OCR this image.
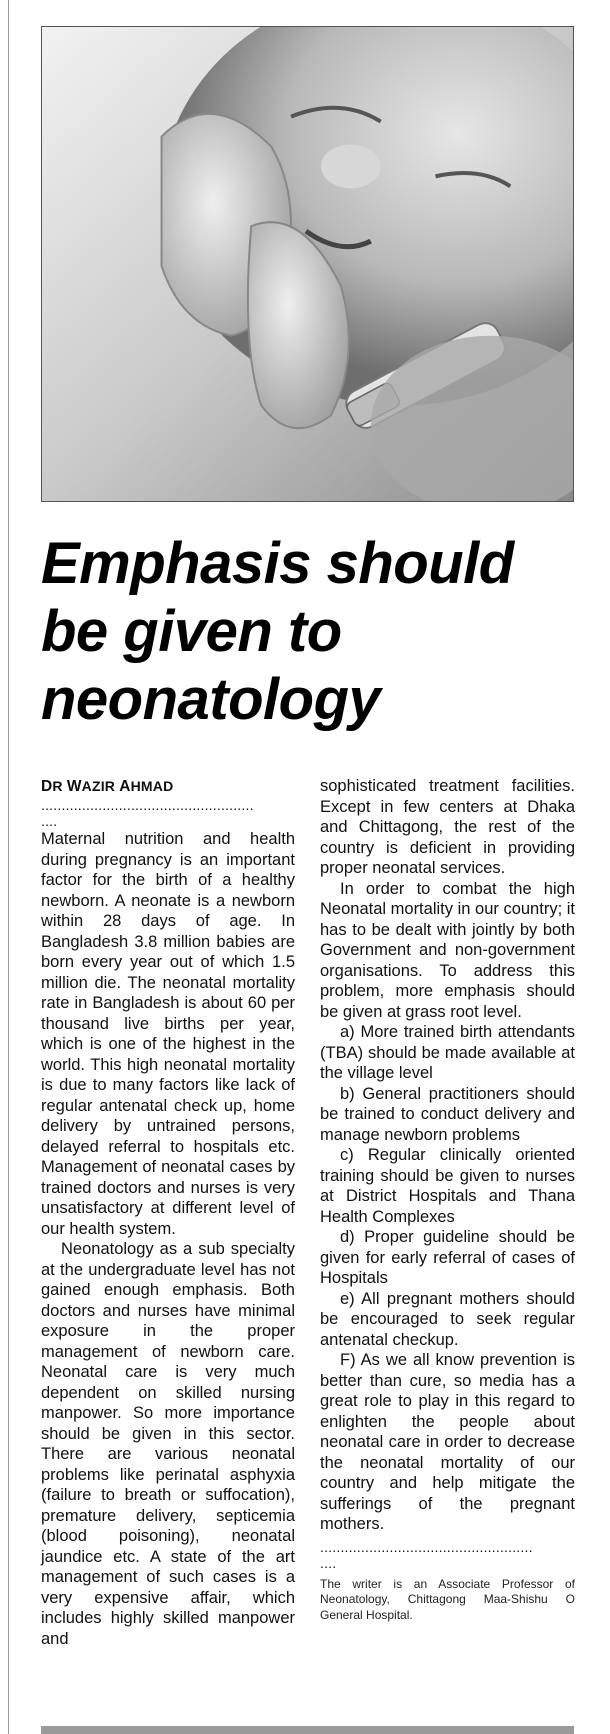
Emphasis should
be given to
neonatology

DR WAZIR AHMAD

....................................................

....

Maternal nutrition and health during pregnancy is an important factor for the birth of a healthy newborn. A neonate is a newborn within 28 days of age. In Bangladesh 3.8 million babies are born every year out of which 1.5 million die. The neonatal mortality rate in Bangladesh is about 60 per thousand live births per year, which is one of the highest in the world. This high neonatal mortality is due to many factors like lack of regular antenatal check up, home delivery by untrained persons, delayed referral to hospitals etc. Management of neonatal cases by trained doctors and nurses is very unsatisfactory at different level of our health system.

Neonatology as a sub specialty at the undergraduate level has not gained enough emphasis. Both doctors and nurses have minimal exposure in the proper management of newborn care. Neonatal care is very much dependent on skilled nursing manpower. So more importance should be given in this sector. There are various neonatal problems like perinatal asphyxia (failure to breath or suffocation), premature delivery, septicemia (blood poisoning), neonatal jaundice etc. A state of the art management of such cases is a very expensive affair, which includes highly skilled manpower and

sophisticated treatment facilities. Except in few centers at Dhaka and Chittagong, the rest of the country is deficient in providing proper neonatal services.

In order to combat the high Neonatal mortality in our country; it has to be dealt with jointly by both Government and non-government organisations. To address this problem, more emphasis should be given at grass root level.

a) More trained birth attendants (TBA) should be made available at the village level

b) General practitioners should be trained to conduct delivery and manage newborn problems

c) Regular clinically oriented training should be given to nurses at District Hospitals and Thana Health Complexes

d) Proper guideline should be given for early referral of cases of Hospitals

e) All pregnant mothers should be encouraged to seek regular antenatal checkup.

F) As we all know prevention is better than cure, so media has a great role to play in this regard to enlighten the people about neonatal care in order to decrease the neonatal mortality of our country and help mitigate the sufferings of the pregnant mothers.

....................................................

....

The writer is an Associate Professor of Neonatology, Chittagong Maa-Shishu O General Hospital.
